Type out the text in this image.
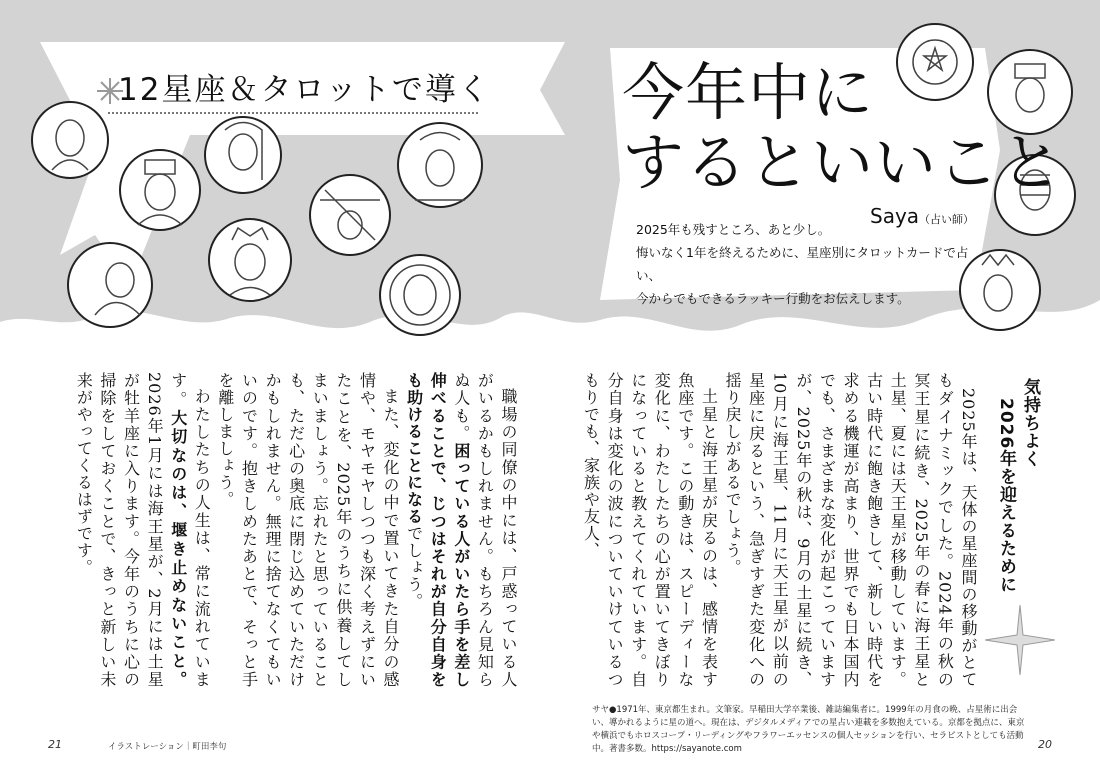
12星座＆タロットで導く 今年中に
するといいこと
Saya（占い師）
2025年も残すところ、あと少し。
悔いなく1年を終えるために、星座別にタロットカードで占い、
今からでもできるラッキー行動をお伝えします。
気持ちよく
2026年を迎えるために

2025年は、天体の星座間の移動がとてもダイナミックでした。2024年の秋の冥王星に続き、2025年の春に海王星と土星、夏には天王星が移動しています。古い時代に飽き飽きして、新しい時代を求める機運が高まり、世界でも日本国内でも、さまざまな変化が起こっていますが、2025年の秋は、9月の土星に続き、10月に海王星、11月に天王星が以前の星座に戻るという、急ぎすぎた変化への揺り戻しがあるでしょう。

土星と海王星が戻るのは、感情を表す魚座です。この動きは、スピーディーな変化に、わたしたちの心が置いてきぼりになっていると教えてくれています。自分自身は変化の波についていけているつもりでも、家族や友人、

職場の同僚の中には、戸惑っている人がいるかもしれません。もちろん見知らぬ人も。困っている人がいたら手を差し伸べることで、じつはそれが自分自身をも助けることになるでしょう。

また、変化の中で置いてきた自分の感情や、モヤモヤしつつも深く考えずにいたことを、2025年のうちに供養してしまいましょう。忘れたと思っていることも、ただ心の奥底に閉じ込めていただけかもしれません。無理に捨てなくてもいいのです。抱きしめたあとで、そっと手を離しましょう。

わたしたちの人生は、常に流れています。大切なのは、堰き止めないこと。2026年1月には海王星が、2月には土星が牡羊座に入ります。今年のうちに心の掃除をしておくことで、きっと新しい未来がやってくるはずです。

サヤ●1971年、東京都生まれ。文筆家。早稲田大学卒業後、雑誌編集者に。1999年の月食の晩、占星術に出会い、導かれるように星の道へ。現在は、デジタルメディアでの星占い連載を多数抱えている。京都を拠点に、東京や横浜でもホロスコープ・リーディングやフラワーエッセンスの個人セッションを行い、セラピストとしても活動中。著書多数。https://sayanote.com
21	イラストレーション｜町田李句	20
